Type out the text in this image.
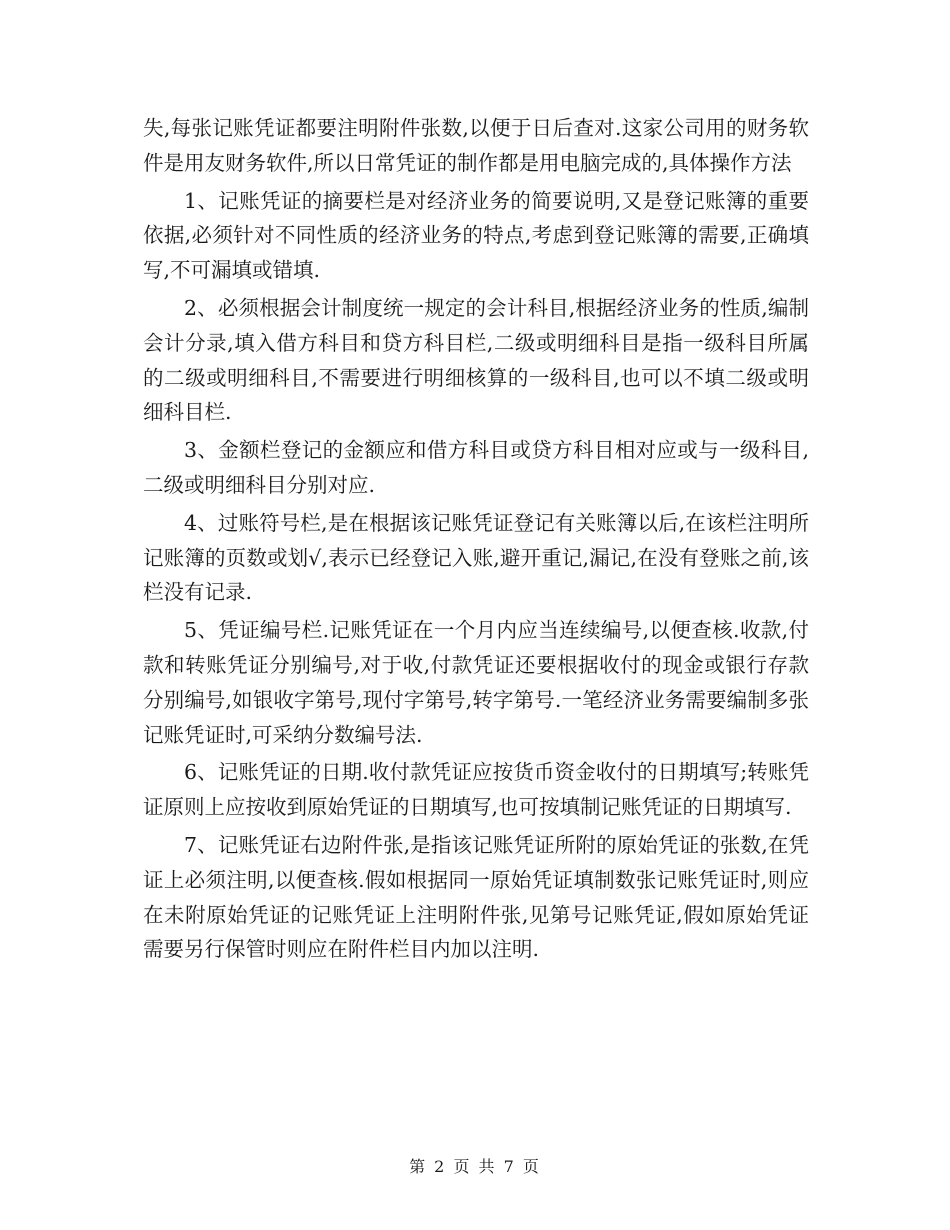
失,每张记账凭证都要注明附件张数,以便于日后查对.这家公司用的财务软件是用友财务软件,所以日常凭证的制作都是用电脑完成的,具体操作方法

1、记账凭证的摘要栏是对经济业务的简要说明,又是登记账簿的重要依据,必须针对不同性质的经济业务的特点,考虑到登记账簿的需要,正确填写,不可漏填或错填.

2、必须根据会计制度统一规定的会计科目,根据经济业务的性质,编制会计分录,填入借方科目和贷方科目栏,二级或明细科目是指一级科目所属的二级或明细科目,不需要进行明细核算的一级科目,也可以不填二级或明细科目栏.

3、金额栏登记的金额应和借方科目或贷方科目相对应或与一级科目,二级或明细科目分别对应.

4、过账符号栏,是在根据该记账凭证登记有关账簿以后,在该栏注明所记账簿的页数或划√,表示已经登记入账,避开重记,漏记,在没有登账之前,该栏没有记录.

5、凭证编号栏.记账凭证在一个月内应当连续编号,以便查核.收款,付款和转账凭证分别编号,对于收,付款凭证还要根据收付的现金或银行存款分别编号,如银收字第号,现付字第号,转字第号.一笔经济业务需要编制多张记账凭证时,可采纳分数编号法.

6、记账凭证的日期.收付款凭证应按货币资金收付的日期填写;转账凭证原则上应按收到原始凭证的日期填写,也可按填制记账凭证的日期填写.

7、记账凭证右边附件张,是指该记账凭证所附的原始凭证的张数,在凭证上必须注明,以便查核.假如根据同一原始凭证填制数张记账凭证时,则应在未附原始凭证的记账凭证上注明附件张,见第号记账凭证,假如原始凭证需要另行保管时则应在附件栏目内加以注明.

第 2 页 共 7 页
